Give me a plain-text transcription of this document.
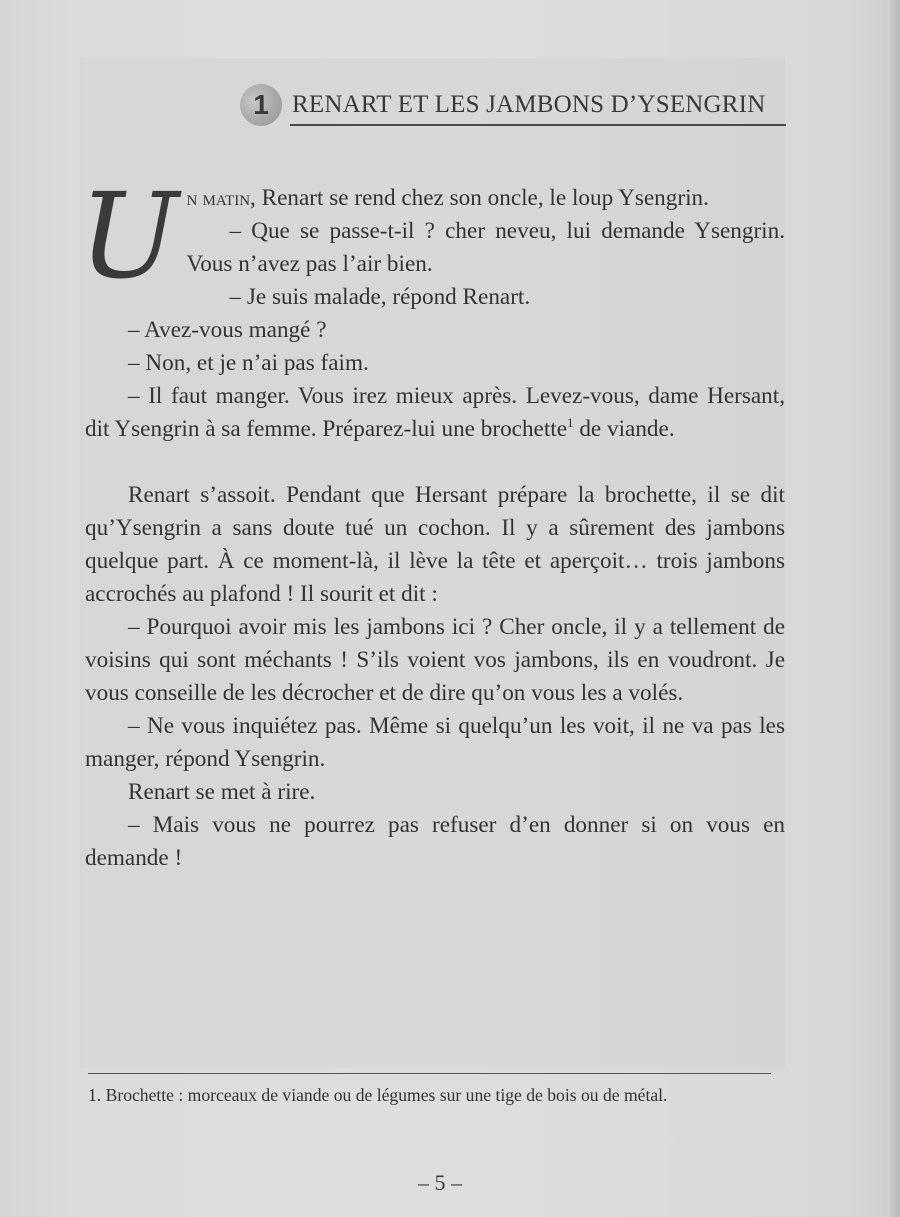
1 RENART ET LES JAMBONS D’YSENGRIN
U n matin, Renart se rend chez son oncle, le loup Ysengrin.

– Que se passe-t-il ? cher neveu, lui demande Ysengrin. Vous n’avez pas l’air bien.

– Je suis malade, répond Renart.

– Avez-vous mangé ?

– Non, et je n’ai pas faim.

– Il faut manger. Vous irez mieux après. Levez-vous, dame Hersant, dit Ysengrin à sa femme. Préparez-lui une brochette$^1$ de viande.

Renart s’assoit. Pendant que Hersant prépare la brochette, il se dit qu’Ysengrin a sans doute tué un cochon. Il y a sûrement des jambons quelque part. À ce moment-là, il lève la tête et aperçoit… trois jambons accrochés au plafond ! Il sourit et dit :

– Pourquoi avoir mis les jambons ici ? Cher oncle, il y a tellement de voisins qui sont méchants ! S’ils voient vos jambons, ils en voudront. Je vous conseille de les décrocher et de dire qu’on vous les a volés.

– Ne vous inquiétez pas. Même si quelqu’un les voit, il ne va pas les manger, répond Ysengrin.

Renart se met à rire.

– Mais vous ne pourrez pas refuser d’en donner si on vous en demande !

1. Brochette : morceaux de viande ou de légumes sur une tige de bois ou de métal.
– 5 –
